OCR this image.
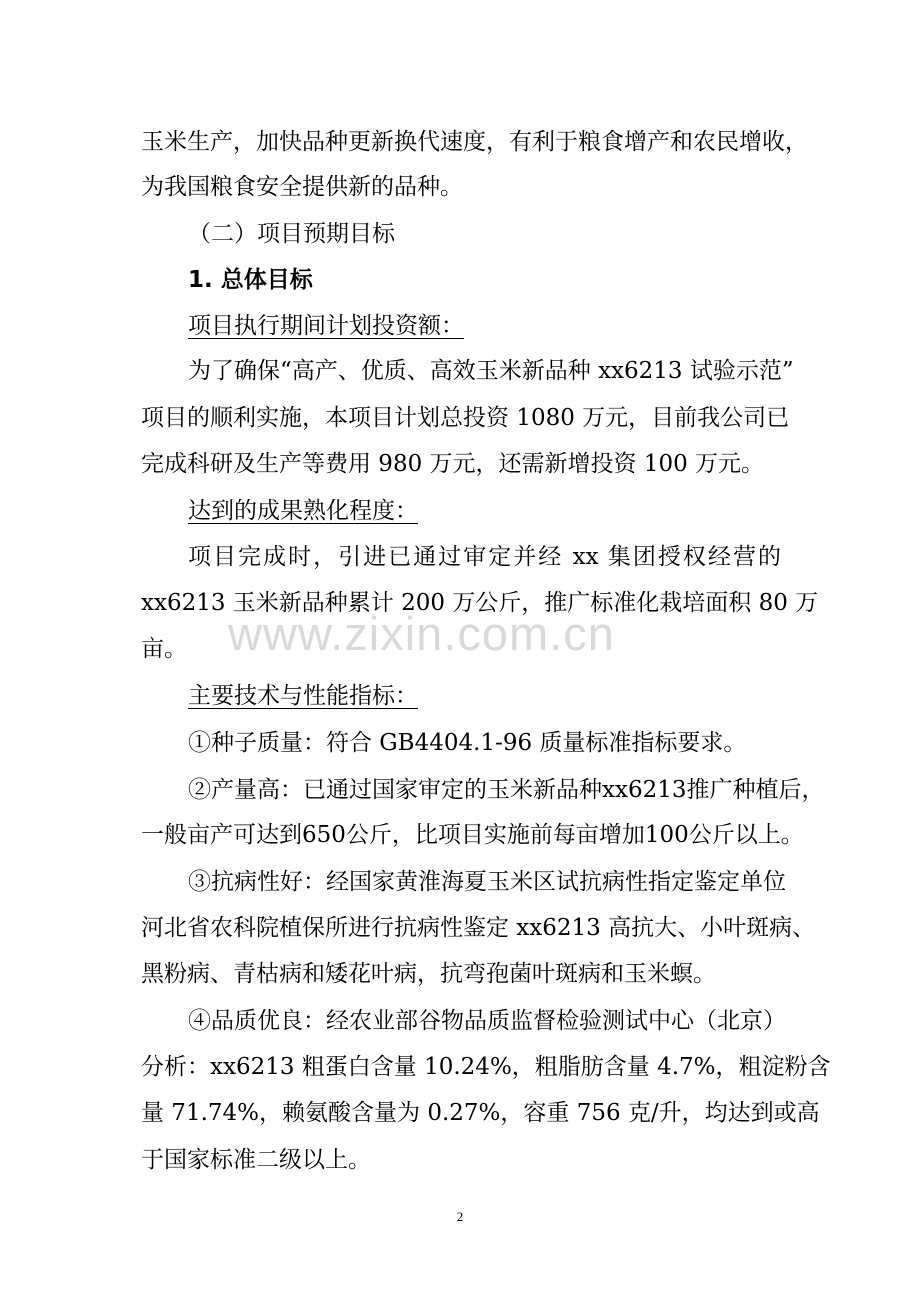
www.zixin.com.cn
玉米生产，加快品种更新换代速度，有利于粮食增产和农民增收，
为我国粮食安全提供新的品种。
（二）项目预期目标
1. 总体目标
项目执行期间计划投资额：
为了确保“高产、优质、高效玉米新品种 xx6213 试验示范”
项目的顺利实施，本项目计划总投资 1080 万元，目前我公司已
完成科研及生产等费用 980 万元，还需新增投资 100 万元。
达到的成果熟化程度：
项目完成时，引进已通过审定并经 xx 集团授权经营的
xx6213 玉米新品种累计 200 万公斤，推广标准化栽培面积 80 万
亩。
主要技术与性能指标：
①种子质量：符合 GB4404.1-96 质量标准指标要求。
②产量高：已通过国家审定的玉米新品种xx6213推广种植后，
一般亩产可达到650公斤，比项目实施前每亩增加100公斤以上。
③抗病性好：经国家黄淮海夏玉米区试抗病性指定鉴定单位
河北省农科院植保所进行抗病性鉴定 xx6213 高抗大、小叶斑病、
黑粉病、青枯病和矮花叶病，抗弯孢菌叶斑病和玉米螟。
④品质优良：经农业部谷物品质监督检验测试中心（北京）
分析：xx6213 粗蛋白含量 10.24%，粗脂肪含量 4.7%，粗淀粉含
量 71.74%，赖氨酸含量为 0.27%，容重 756 克/升，均达到或高
于国家标准二级以上。
2
